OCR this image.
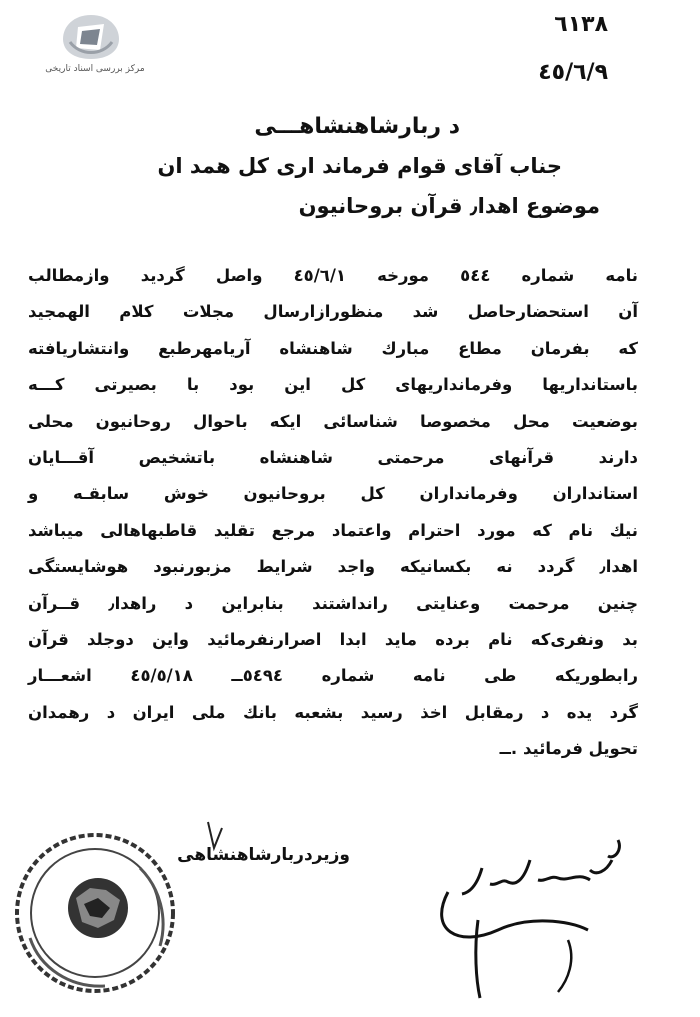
مرکز بررسی اسناد تاریخی
٦١٣٨
٤٥/٦/٩
د ربارشاهنشاهـــی
جناب آقای قوام فرماند اری کل همد ان
موضوع اهدا٫ قرآن بروحانیون
نامه شماره ٥٤٤ مورخه ٤٥/٦/١ واصل گردید وازمطالب
آن استحضارحاصل شد منظورازارسال مجلات کلام الهمجید
که بفرمان مطاع مبارك شاهنشاه آریامهرطبع وانتشاریافته
باستانداریها وفرمانداریهای کل این بود با بصیرتی کـــه
بوضعیت محل مخصوصا شناسائی ایکه باحوال روحانیون محلی
دارند قرآنهای مرحمتی شاهنشاه باتشخیص آقـــایان
استانداران وفرمانداران کل بروحانیون خوش سابقـه و
نیك نام که مورد احترام واعتماد مرجع تقلید قاطبهاهالی میباشد
اهدا٫ گردد نه بکسانیکه واجد شرایط مزبورنبود هوشایستگی
چنین مرحمت وعنایتی رانداشتند بنابراین د راهدا٫ قــرآن
بد ونفری‌که نام برده ماید ابدا اصرارنفرمائید واین دوجلد قرآن
رابطوریکه طی نامه شماره ٥٤٩٤ــ ٤٥/٥/١٨ اشعـــار
گرد یده د رمقابل اخذ رسید بشعبه بانك ملی ایران د رهمدان
تحویل فرمائید .ــ
وزیردربارشاهنشاهی
